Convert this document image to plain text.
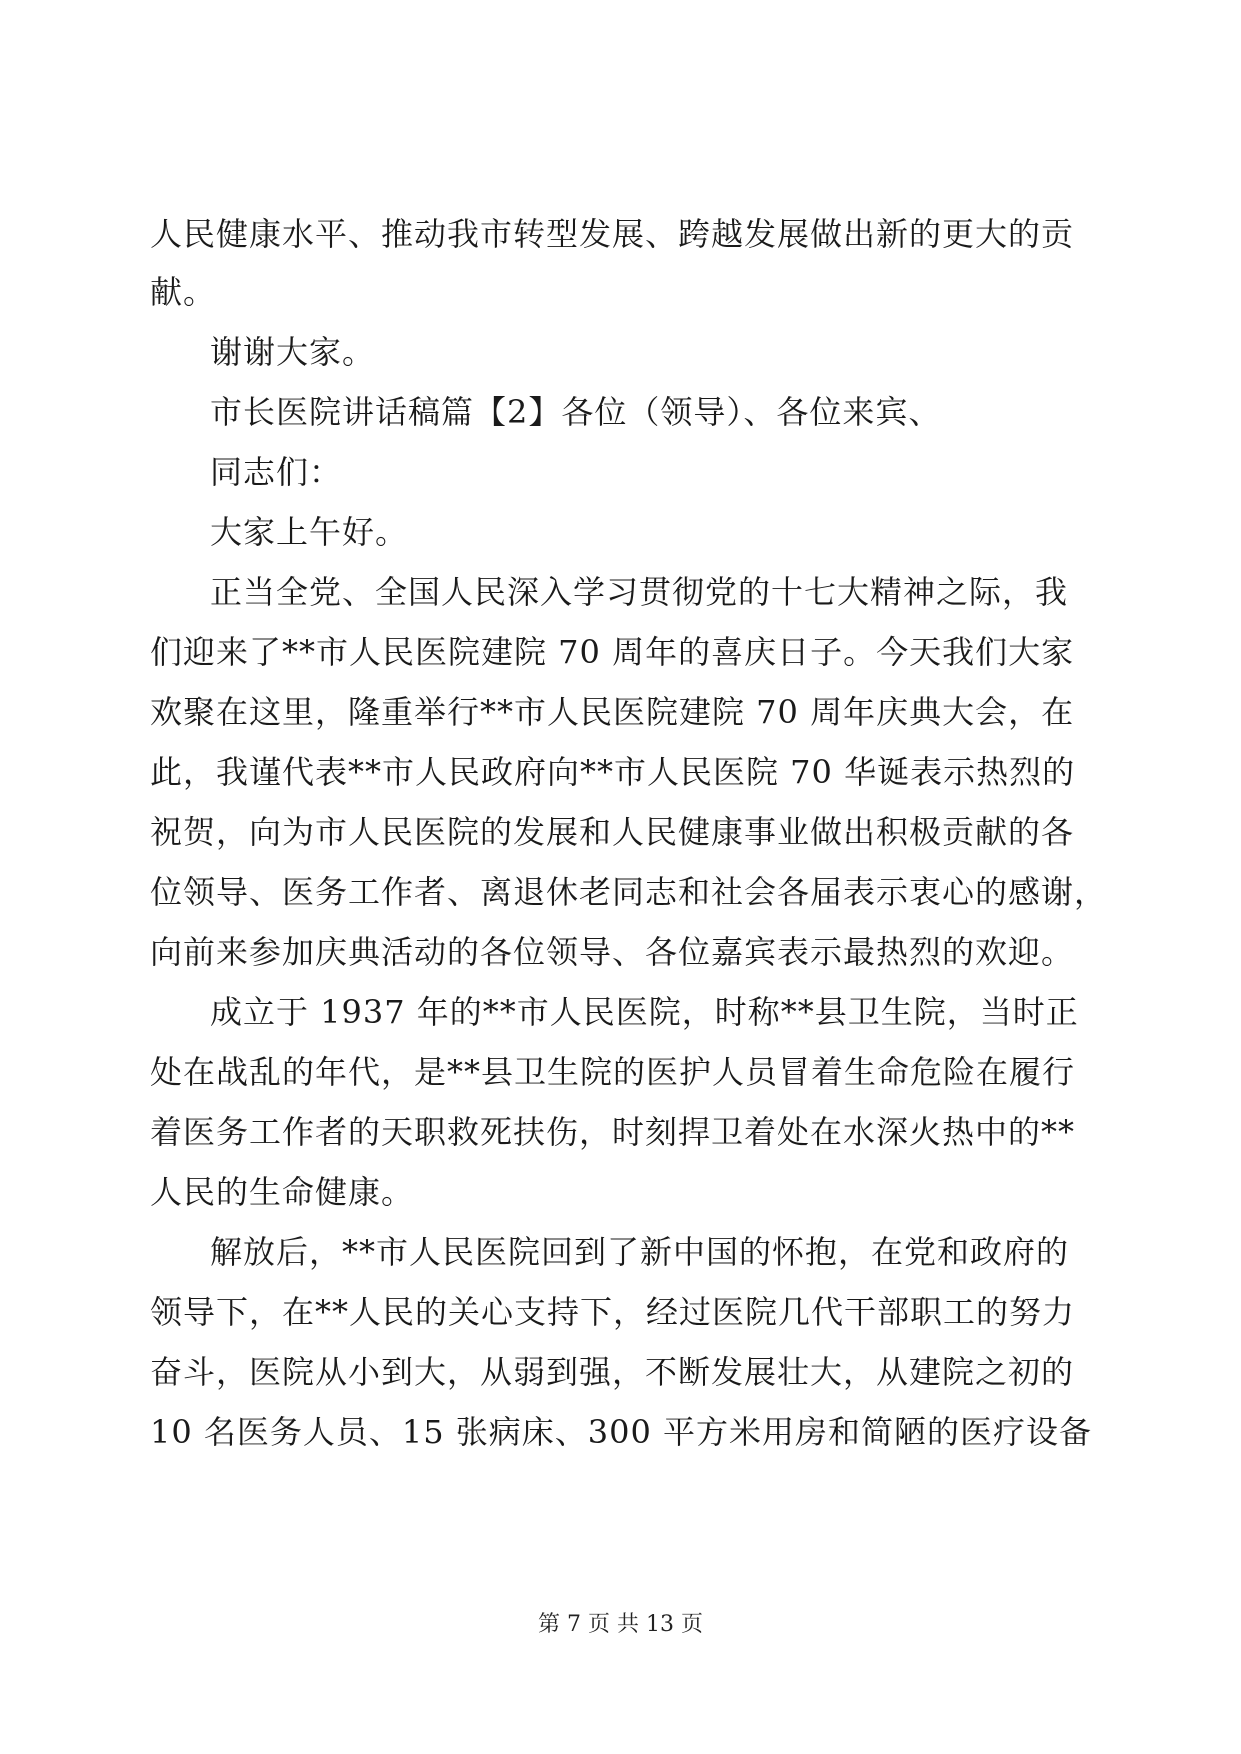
人民健康水平、推动我市转型发展、跨越发展做出新的更大的贡
献。
谢谢大家。
市长医院讲话稿篇【2】各位（领导）、各位来宾、
同志们：
大家上午好。
正当全党、全国人民深入学习贯彻党的十七大精神之际，我
们迎来了**市人民医院建院 70 周年的喜庆日子。今天我们大家
欢聚在这里，隆重举行**市人民医院建院 70 周年庆典大会，在
此，我谨代表**市人民政府向**市人民医院 70 华诞表示热烈的
祝贺，向为市人民医院的发展和人民健康事业做出积极贡献的各
位领导、医务工作者、离退休老同志和社会各届表示衷心的感谢，
向前来参加庆典活动的各位领导、各位嘉宾表示最热烈的欢迎。
成立于 1937 年的**市人民医院，时称**县卫生院，当时正
处在战乱的年代，是**县卫生院的医护人员冒着生命危险在履行
着医务工作者的天职救死扶伤，时刻捍卫着处在水深火热中的**
人民的生命健康。
解放后，**市人民医院回到了新中国的怀抱，在党和政府的
领导下，在**人民的关心支持下，经过医院几代干部职工的努力
奋斗，医院从小到大，从弱到强，不断发展壮大，从建院之初的
10 名医务人员、15 张病床、300 平方米用房和简陋的医疗设备
第 7 页 共 13 页
